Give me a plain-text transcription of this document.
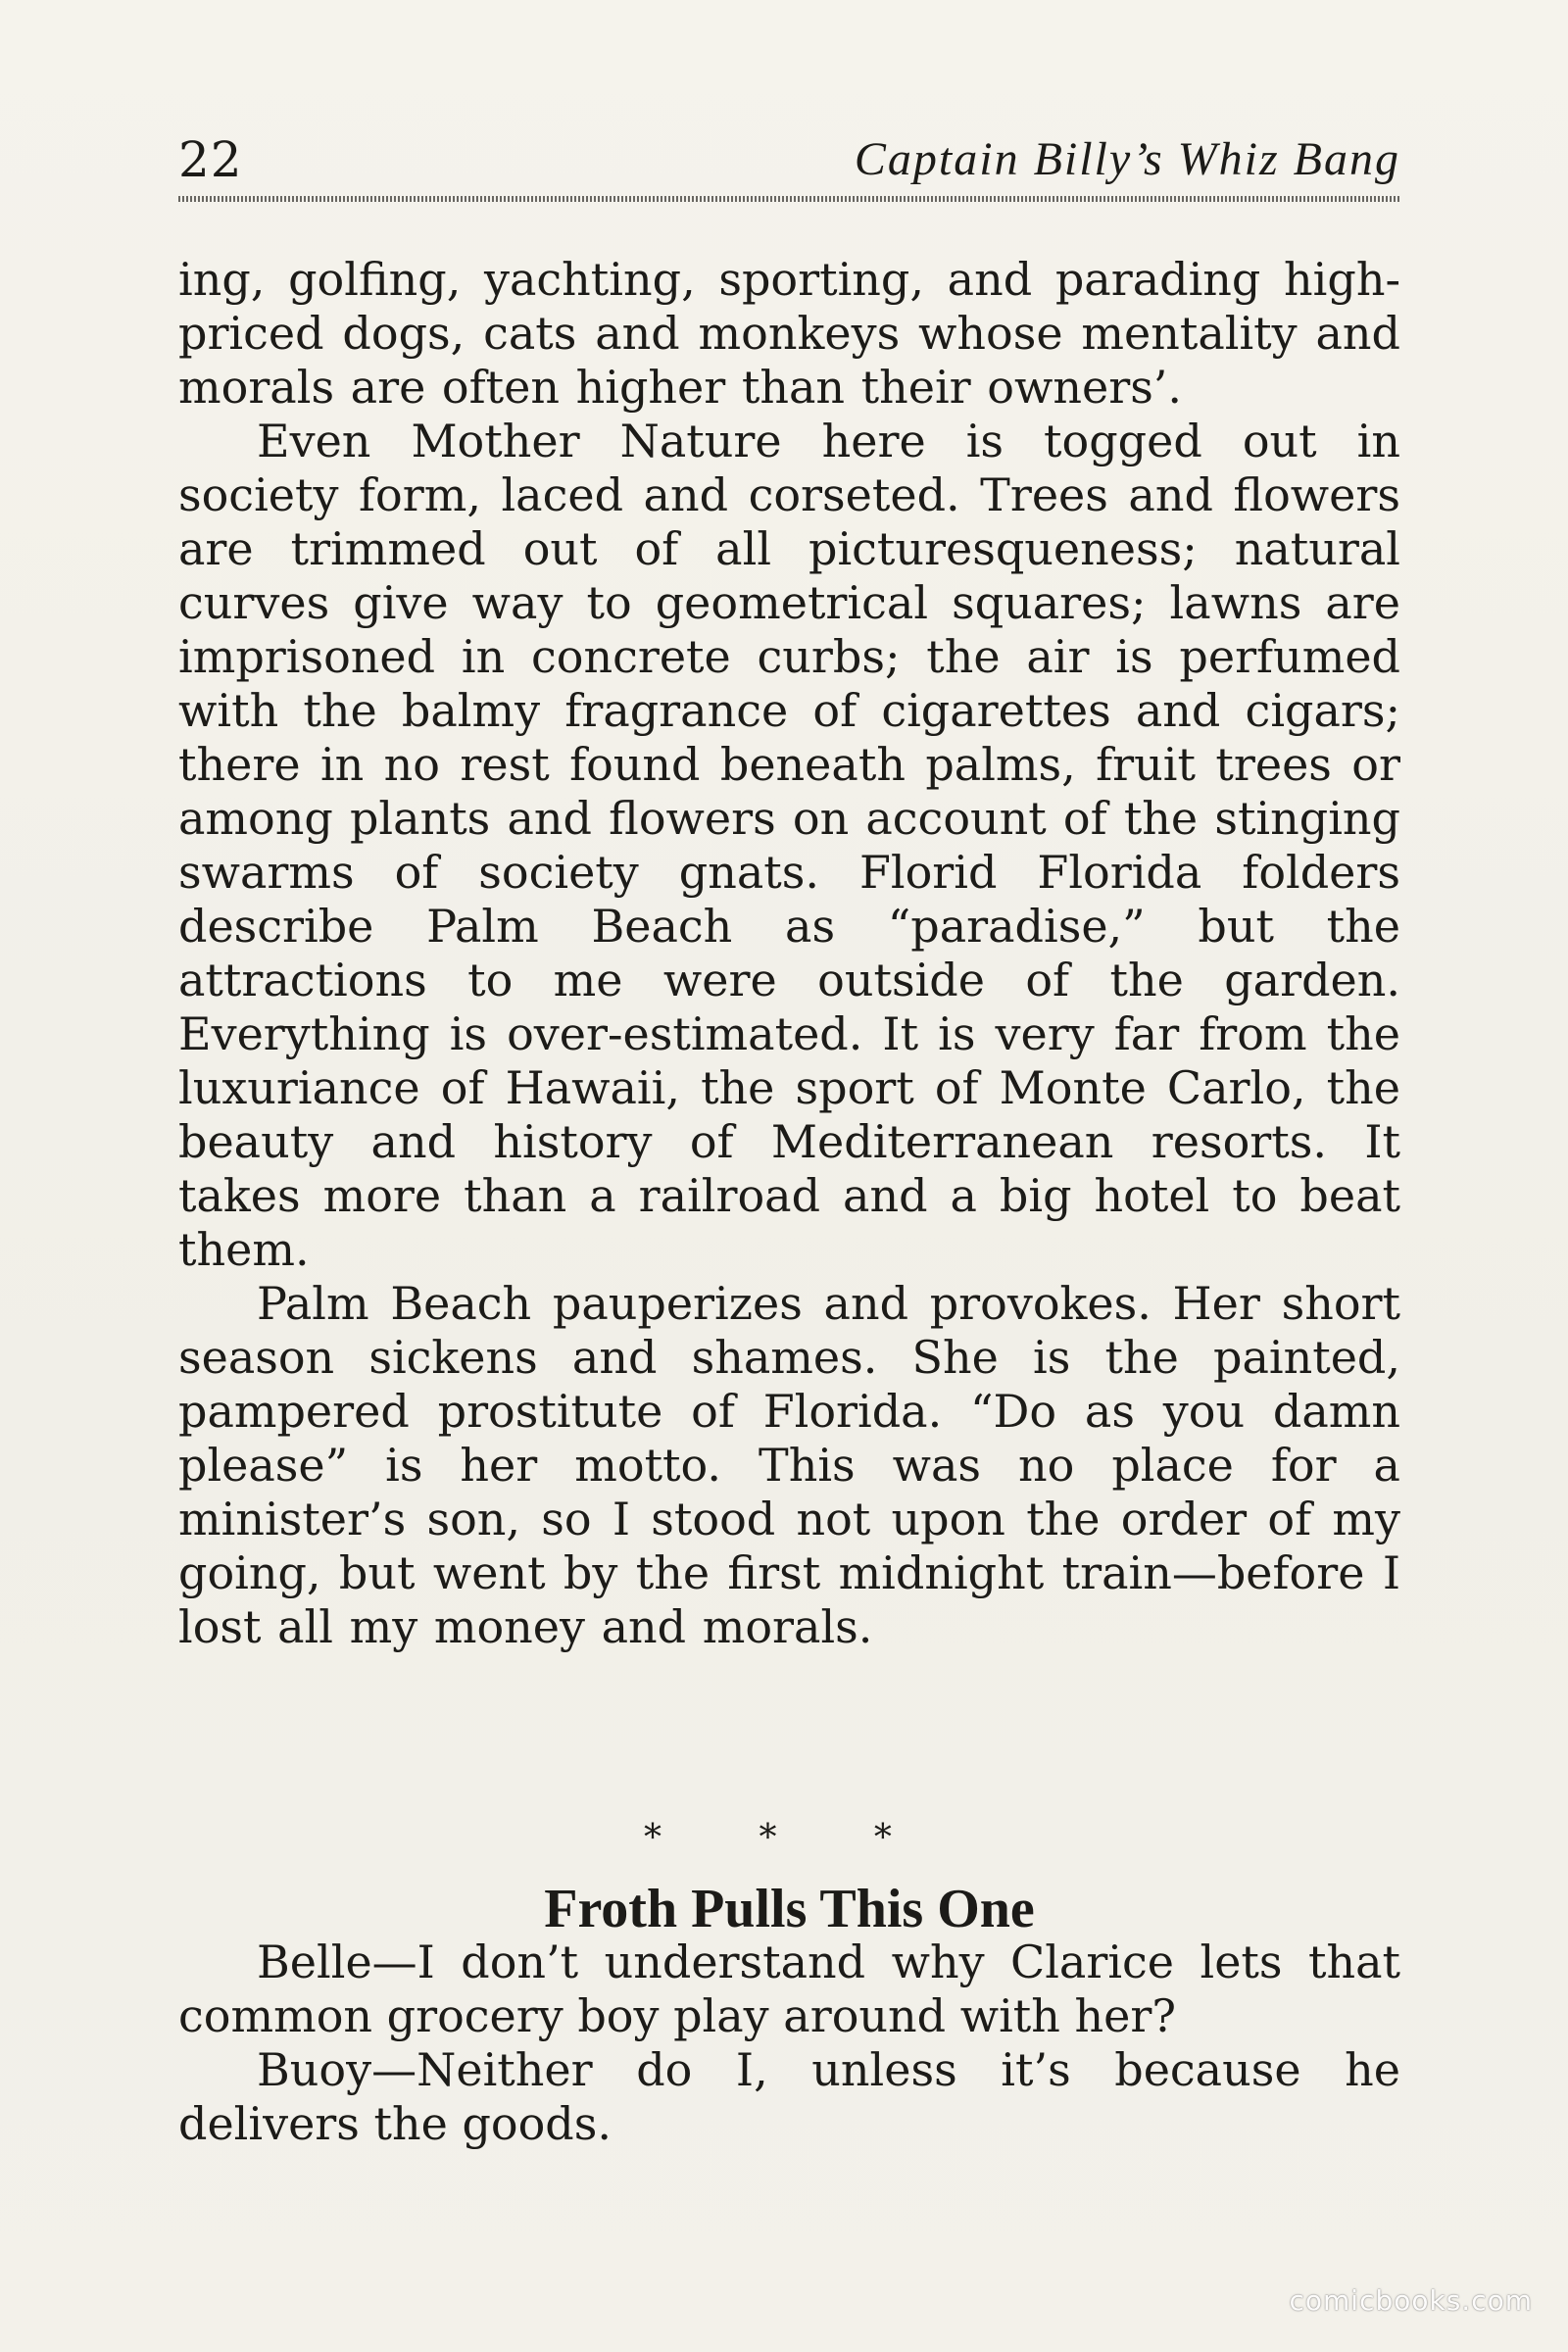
22	Captain Billy’s Whiz Bang

ing, golfing, yachting, sporting, and parading high-priced dogs, cats and monkeys whose mentality and morals are often higher than their owners’.

Even Mother Nature here is togged out in society form, laced and corseted. Trees and flowers are trimmed out of all picturesqueness; natural curves give way to geometrical squares; lawns are imprisoned in concrete curbs; the air is perfumed with the balmy fragrance of cigarettes and cigars; there in no rest found beneath palms, fruit trees or among plants and flowers on account of the stinging swarms of society gnats. Florid Florida folders describe Palm Beach as “paradise,” but the attractions to me were outside of the garden. Everything is over-estimated. It is very far from the luxuriance of Hawaii, the sport of Monte Carlo, the beauty and history of Mediterranean resorts. It takes more than a railroad and a big hotel to beat them.

Palm Beach pauperizes and provokes. Her short season sickens and shames. She is the painted, pampered prostitute of Florida. “Do as you damn please” is her motto. This was no place for a minister’s son, so I stood not upon the order of my going, but went by the first midnight train—before I lost all my money and morals.

* * *
Froth Pulls This One

Belle—I don’t understand why Clarice lets that common grocery boy play around with her?

Buoy—Neither do I, unless it’s because he delivers the goods.

comicbooks.com
